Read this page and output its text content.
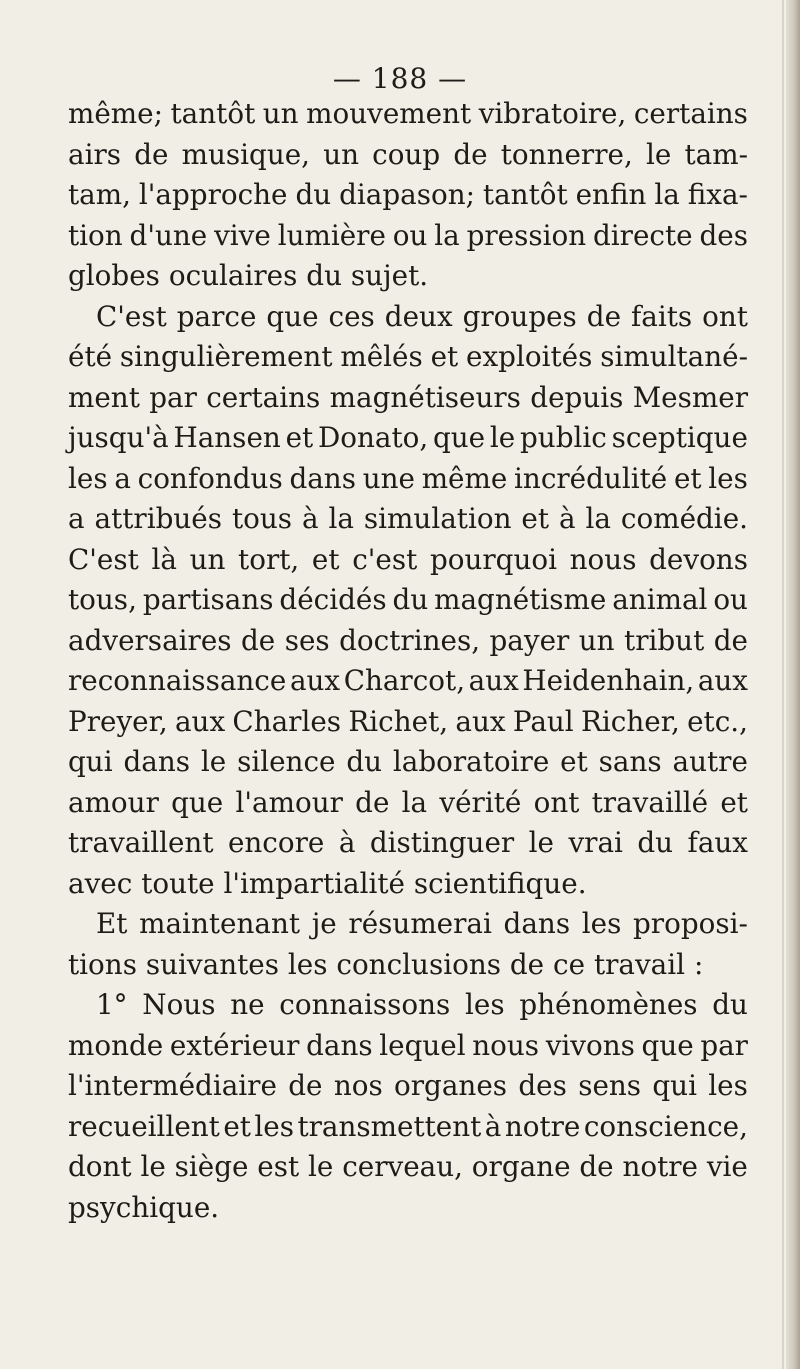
— 188 —
même; tantôt un mouvement vibratoire, certains
airs de musique, un coup de tonnerre, le tam-
tam, l'approche du diapason; tantôt enfin la fixa-
tion d'une vive lumière ou la pression directe des
globes oculaires du sujet.
C'est parce que ces deux groupes de faits ont
été singulièrement mêlés et exploités simultané-
ment par certains magnétiseurs depuis Mesmer
jusqu'à Hansen et Donato, que le public sceptique
les a confondus dans une même incrédulité et les
a attribués tous à la simulation et à la comédie.
C'est là un tort, et c'est pourquoi nous devons
tous, partisans décidés du magnétisme animal ou
adversaires de ses doctrines, payer un tribut de
reconnaissance aux Charcot, aux Heidenhain, aux
Preyer, aux Charles Richet, aux Paul Richer, etc.,
qui dans le silence du laboratoire et sans autre
amour que l'amour de la vérité ont travaillé et
travaillent encore à distinguer le vrai du faux
avec toute l'impartialité scientifique.
Et maintenant je résumerai dans les proposi-
tions suivantes les conclusions de ce travail :
1° Nous ne connaissons les phénomènes du
monde extérieur dans lequel nous vivons que par
l'intermédiaire de nos organes des sens qui les
recueillent et les transmettent à notre conscience,
dont le siège est le cerveau, organe de notre vie
psychique.
